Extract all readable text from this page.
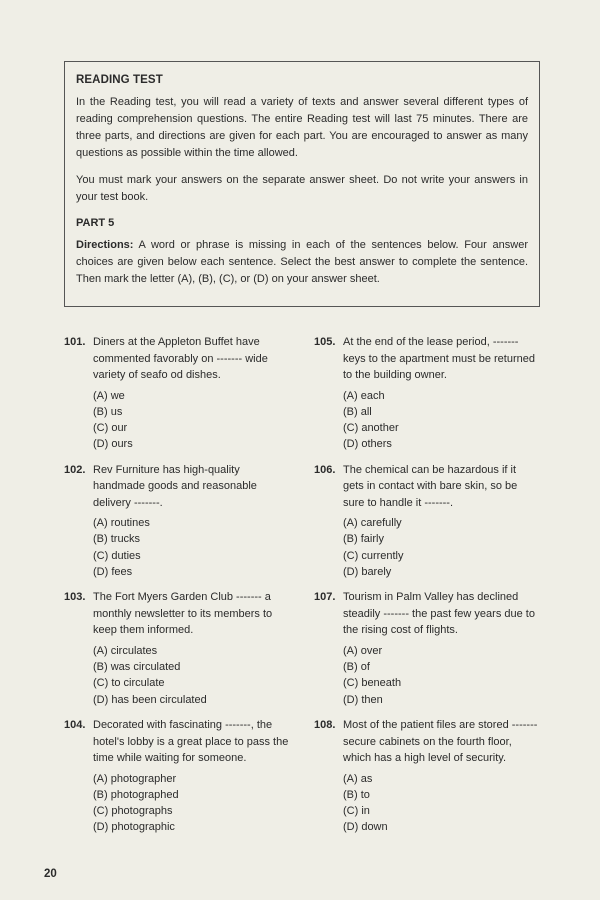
READING TEST

In the Reading test, you will read a variety of texts and answer several different types of reading comprehension questions. The entire Reading test will last 75 minutes. There are three parts, and directions are given for each part. You are encouraged to answer as many questions as possible within the time allowed.

You must mark your answers on the separate answer sheet. Do not write your answers in your test book.

PART 5

Directions: A word or phrase is missing in each of the sentences below. Four answer choices are given below each sentence. Select the best answer to complete the sentence. Then mark the letter (A), (B), (C), or (D) on your answer sheet.

101. Diners at the Appleton Buffet have commented favorably on ------- wide variety of seafo od dishes.
(A) we
(B) us
(C) our
(D) ours
102. Rev Furniture has high-quality handmade goods and reasonable delivery -------.
(A) routines
(B) trucks
(C) duties
(D) fees
103. The Fort Myers Garden Club ------- a monthly newsletter to its members to keep them informed.
(A) circulates
(B) was circulated
(C) to circulate
(D) has been circulated
104. Decorated with fascinating -------, the hotel's lobby is a great place to pass the time while waiting for someone.
(A) photographer
(B) photographed
(C) photographs
(D) photographic
105. At the end of the lease period, ------- keys to the apartment must be returned to the building owner.
(A) each
(B) all
(C) another
(D) others
106. The chemical can be hazardous if it gets in contact with bare skin, so be sure to handle it -------.
(A) carefully
(B) fairly
(C) currently
(D) barely
107. Tourism in Palm Valley has declined steadily ------- the past few years due to the rising cost of flights.
(A) over
(B) of
(C) beneath
(D) then
108. Most of the patient files are stored ------- secure cabinets on the fourth floor, which has a high level of security.
(A) as
(B) to
(C) in
(D) down
20
